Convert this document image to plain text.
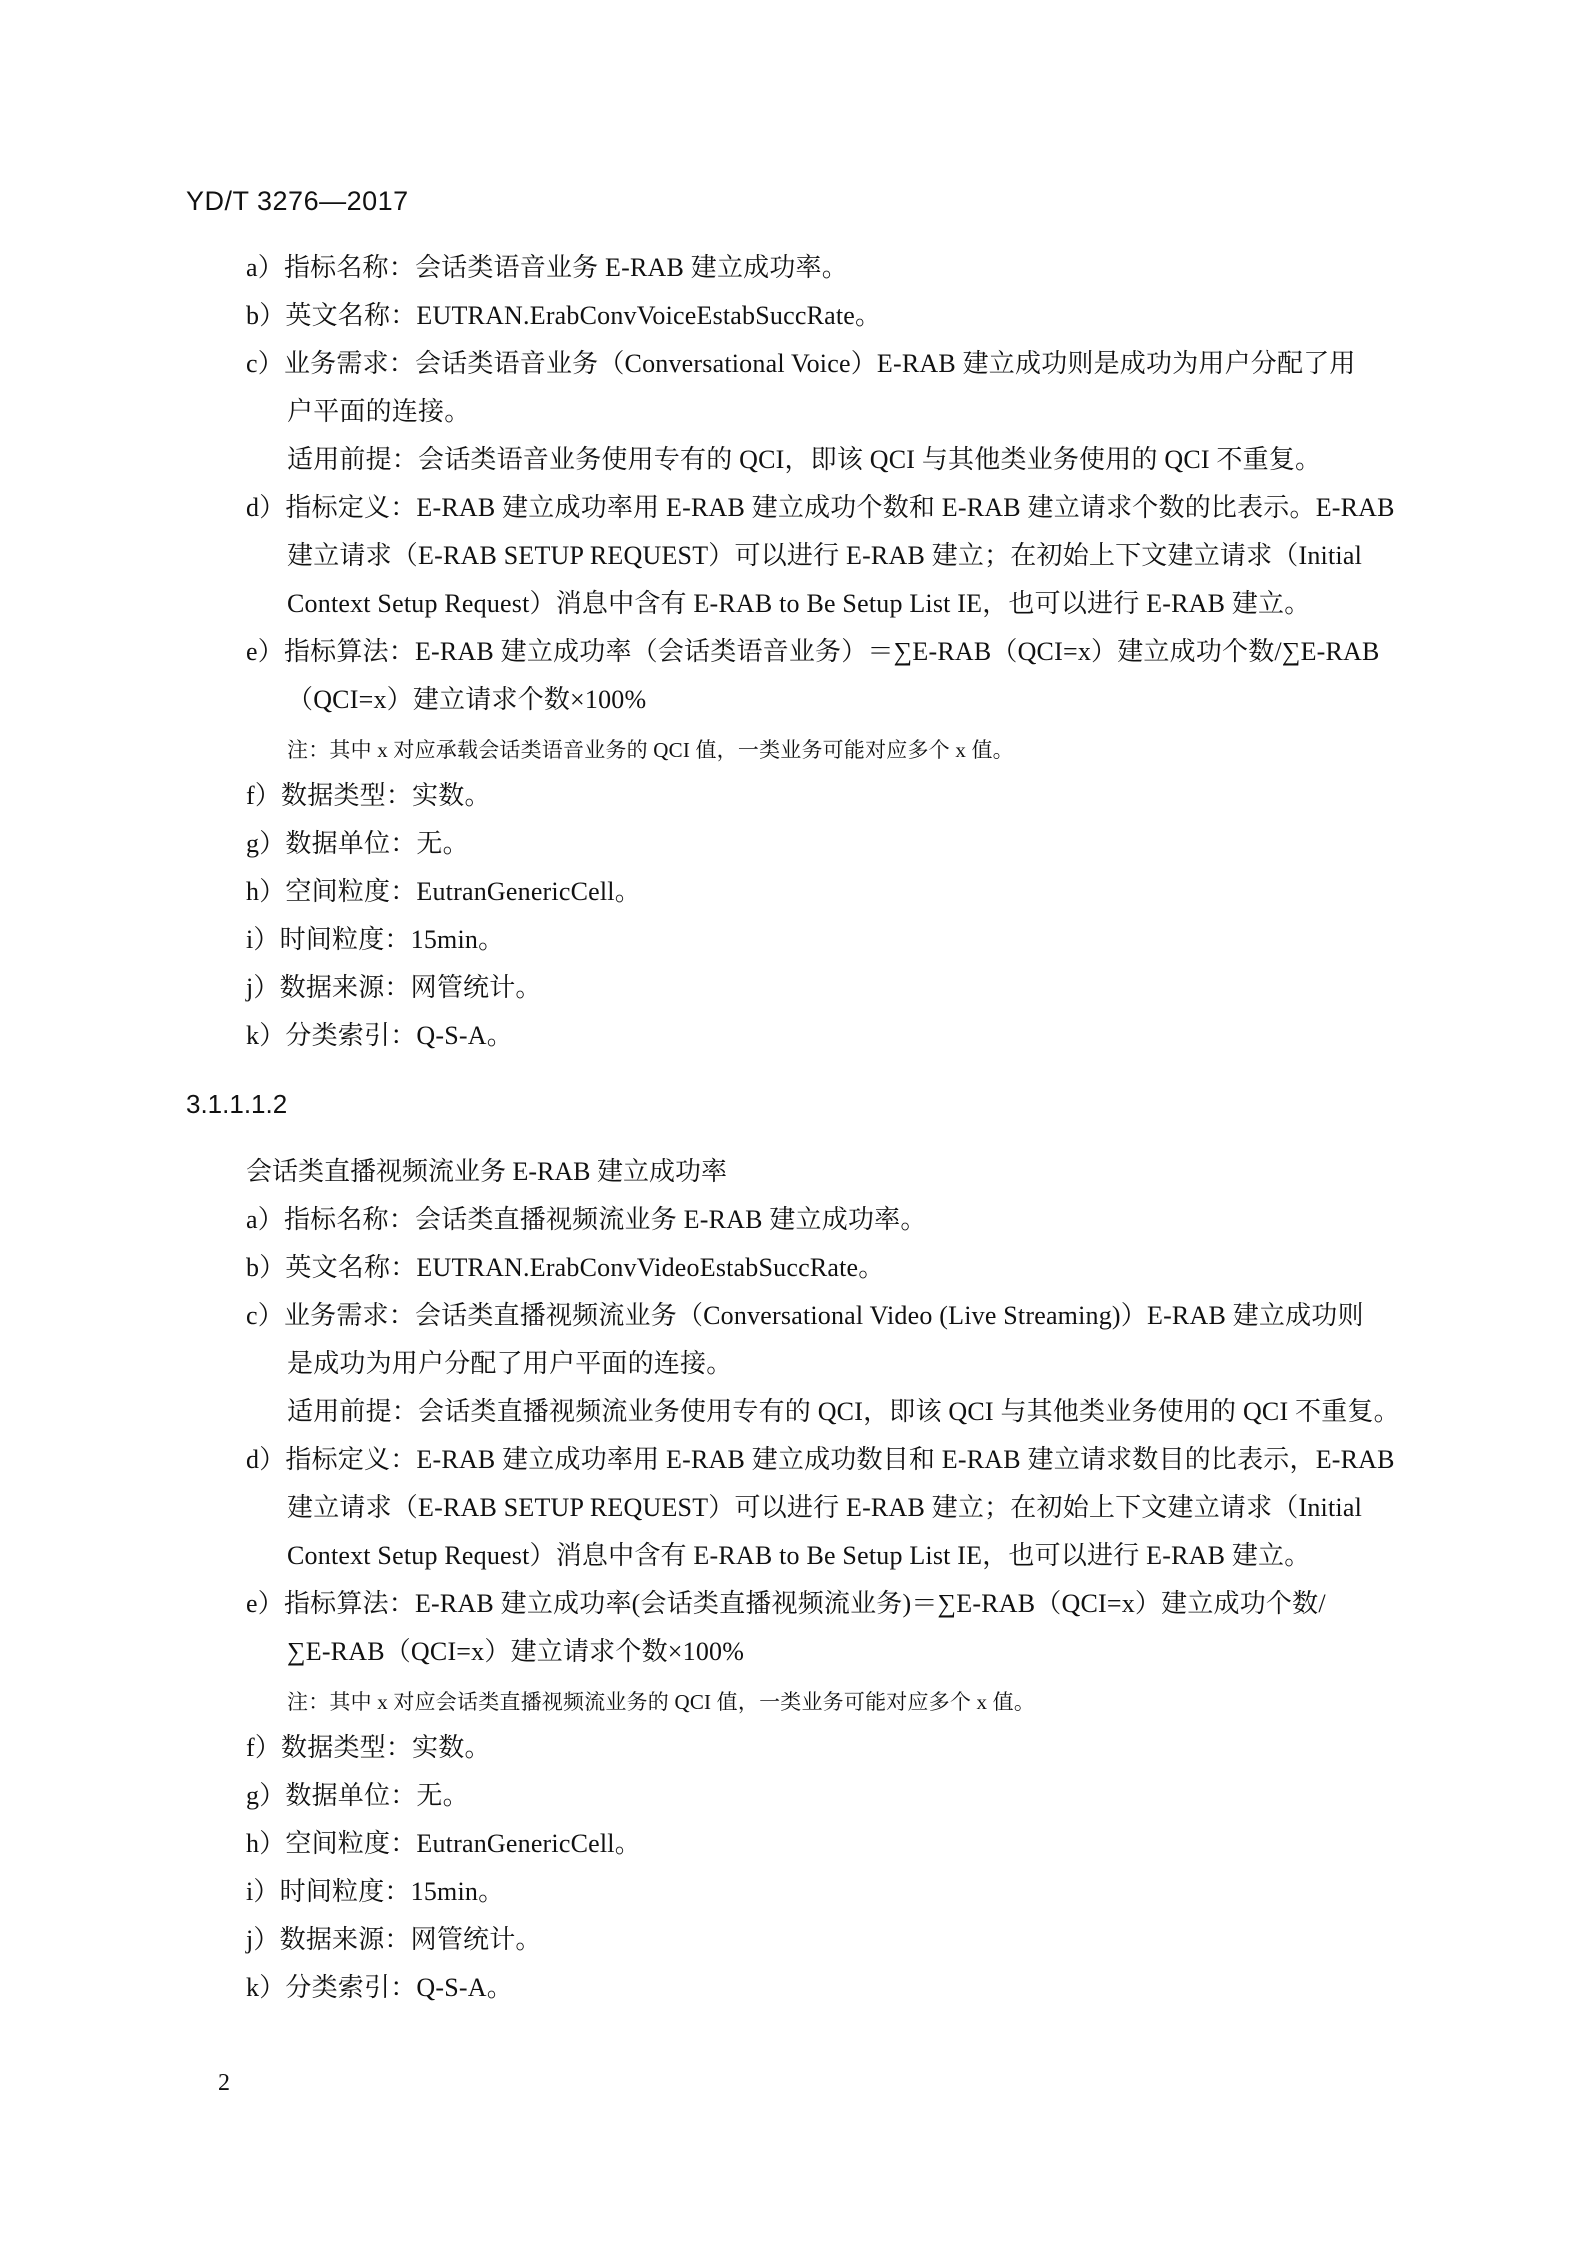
YD/T 3276—2017
a）指标名称：会话类语音业务 E-RAB 建立成功率。
b）英文名称：EUTRAN.ErabConvVoiceEstabSuccRate。
c）业务需求：会话类语音业务（Conversational Voice）E-RAB 建立成功则是成功为用户分配了用
户平面的连接。
适用前提：会话类语音业务使用专有的 QCI，即该 QCI 与其他类业务使用的 QCI 不重复。
d）指标定义：E-RAB 建立成功率用 E-RAB 建立成功个数和 E-RAB 建立请求个数的比表示。E-RAB
建立请求（E-RAB SETUP REQUEST）可以进行 E-RAB 建立；在初始上下文建立请求（Initial
Context Setup Request）消息中含有 E-RAB to Be Setup List IE，也可以进行 E-RAB 建立。
e）指标算法：E-RAB 建立成功率（会话类语音业务）＝∑E-RAB（QCI=x）建立成功个数/∑E-RAB
（QCI=x）建立请求个数×100%
注：其中 x 对应承载会话类语音业务的 QCI 值，一类业务可能对应多个 x 值。
f）数据类型：实数。
g）数据单位：无。
h）空间粒度：EutranGenericCell。
i）时间粒度：15min。
j）数据来源：网管统计。
k）分类索引：Q-S-A。
3.1.1.1.2
会话类直播视频流业务 E-RAB 建立成功率
a）指标名称：会话类直播视频流业务 E-RAB 建立成功率。
b）英文名称：EUTRAN.ErabConvVideoEstabSuccRate。
c）业务需求：会话类直播视频流业务（Conversational Video (Live Streaming)）E-RAB 建立成功则
是成功为用户分配了用户平面的连接。
适用前提：会话类直播视频流业务使用专有的 QCI，即该 QCI 与其他类业务使用的 QCI 不重复。
d）指标定义：E-RAB 建立成功率用 E-RAB 建立成功数目和 E-RAB 建立请求数目的比表示，E-RAB
建立请求（E-RAB SETUP REQUEST）可以进行 E-RAB 建立；在初始上下文建立请求（Initial
Context Setup Request）消息中含有 E-RAB to Be Setup List IE，也可以进行 E-RAB 建立。
e）指标算法：E-RAB 建立成功率(会话类直播视频流业务)＝∑E-RAB（QCI=x）建立成功个数/
∑E-RAB（QCI=x）建立请求个数×100%
注：其中 x 对应会话类直播视频流业务的 QCI 值，一类业务可能对应多个 x 值。
f）数据类型：实数。
g）数据单位：无。
h）空间粒度：EutranGenericCell。
i）时间粒度：15min。
j）数据来源：网管统计。
k）分类索引：Q-S-A。
2
